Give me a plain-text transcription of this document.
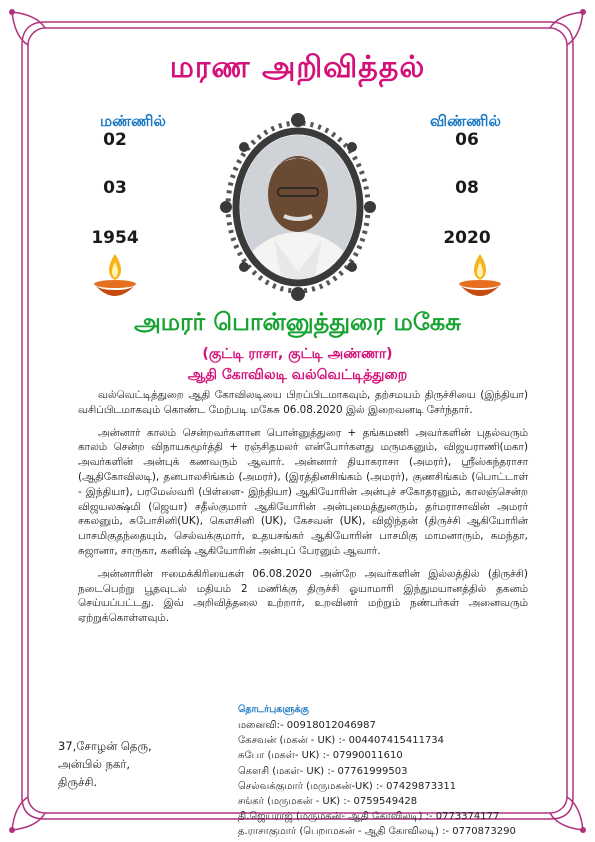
மரண அறிவித்தல்
மண்ணில்
02
03
1954
விண்ணில்
06
08
2020
அமரர் பொன்னுத்துரை மகேசு
(குட்டி ராசா, குட்டி அண்ணா)
ஆதி கோவிலடி வல்வெட்டித்துறை

வல்வெட்டித்துறை ஆதி கோவிலடியை பிறப்பிடமாகவும், தற்சமயம் திருச்சியை (இந்தியா) வசிப்பிடமாகவும் கொண்ட மேற்படி மகேசு 06.08.2020 இல் இறைவனடி சேர்ந்தார்.

அன்னார் காலம் சென்றவர்களான பொன்னுத்துரை + தங்கமணி அவர்களின் புதல்வரும் காலம் சென்ற விநாயகமூர்த்தி + ரஞ்சிதமலர் என்போர்களது மருமகனும், விஜயராணி(மகா) அவர்களின் அன்புக் கணவரும் ஆவார். அன்னார் தியாகராசா (அமரர்), ஸ்ரீஸ்கந்தராசா (ஆதிகோவிலடி), தனபாலசிங்கம் (அமரர்), (இரத்தினசிங்கம் (அமரர்), குணசிங்கம் (பொட்டாள் - இந்தியா), பரமேஸ்வரி (பிள்ளை- இந்தியா) ஆகியோரின் அன்புச் சகோதரனும், காலஞ்சென்ற விஜயலக்ஷ்மி (ஜெயா) சதீஸ்குமார் ஆகியோரின் அன்புமைத்துனரும், தர்மராசாவின் அமரர் சகலனும், சுபோசினி(UK), கௌசினி (UK), கேசவன் (UK), விஜிந்தன் (திருச்சி ஆகியோரின் பாசமிகுதந்தையும், செல்வக்குமார், உதயசங்கர் ஆகியோரின் பாசமிகு மாமனாரும், சுமந்தா, சுஜானா, சாருகா, கனிஷ் ஆகியோரின் அன்புப் பேரனும் ஆவார்.

அன்னாரின் ஈமைக்கிரியைகள் 06.08.2020 அன்றே அவர்களின் இல்லத்தில் (திருச்சி) நடைபெற்று பூதவுடல் மதியம் 2 மணிக்கு திருச்சி ஓயாமாரி இந்துமயானத்தில் தகனம் செய்யப்பட்டது. இவ் அறிவித்தலை உற்றார், உறவினர் மற்றும் நண்பர்கள் அனைவரும் ஏற்றுக்கொள்ளவும்.

தொடர்புகளுக்கு
மனைவி:- 0091801204698​7
கேசவன் (மகன் - UK) :- 004407415411734
சுபோ (மகள்- UK) :- 07990011610
கௌசி (மகள்- UK) :- 07761999503
செல்வக்குமார் (மருமகன்-UK) :- 07429873311
சங்கர் (மருமகன் - UK) :- 0759549428
தி.ஜெயராஜ் (மருமகன்- ஆதி கோவிலடி) :- 0773374177
த.ராசாகுமார் (பெறாமகன் - ஆதி கோவிலடி) :- 0770873290
37,சோழன் தெரு,
அன்பில் நகர்,
திருச்சி.
